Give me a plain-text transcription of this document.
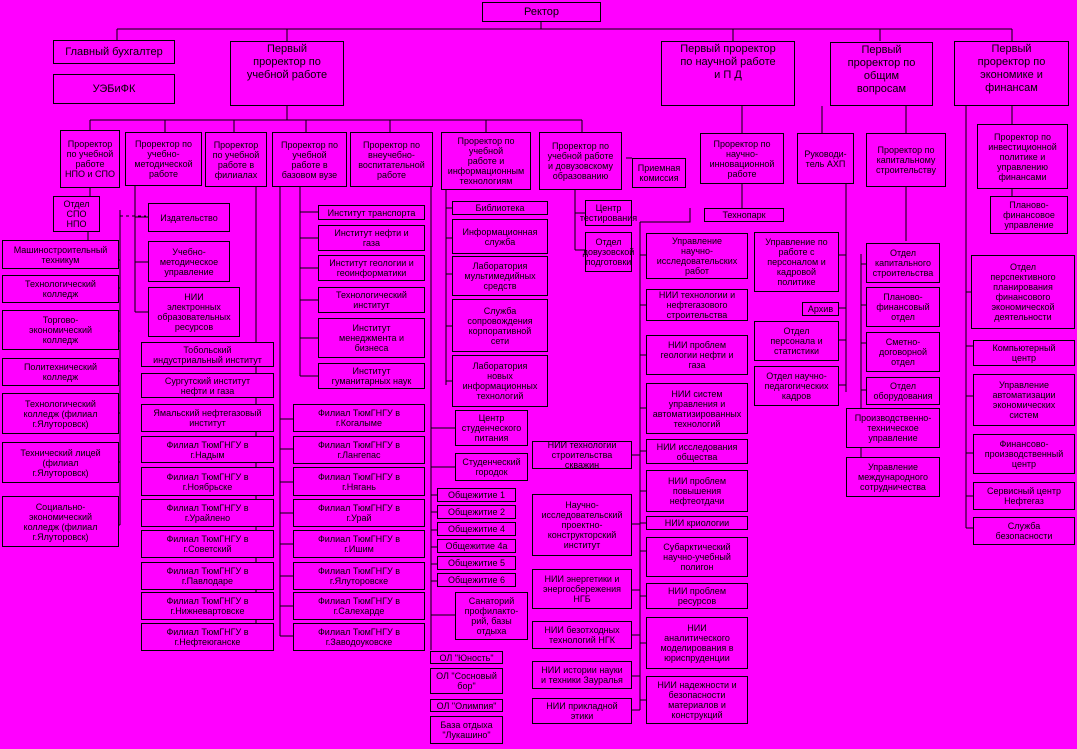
Ректор
Главный бухгалтер
УЭБиФК
Первый
проректор по
учебной работе
Первый проректор
по научной работе
и П Д
Первый
проректор по
общим
вопросам
Первый
проректор по
экономике и
финансам
Проректор
по учебной
работе
НПО и СПО
Проректор по
учебно-
методической
работе
Проректор
по учебной
работе в
филиалах
Проректор по
учебной
работе в
базовом вузе
Проректор по
внеучебно-
воспитательной
работе
Проректор по учебной
работе и
информационным
технологиям
Проректор по
учебной работе
и довузовскому
образованию
Приемная
комиссия
Проректор по
научно-
инновационной
работе
Технопарк
Руководи-
тель АХП
Проректор по
капитальному
строительству
Проректор по
инвестиционной
политике и
управлению
финансами
Отдел
СПО
НПО
Машиностроительный
техникум
Технологический
колледж
Торгово-
экономический
колледж
Политехнический
колледж
Технологический
колледж (филиал
г.Ялуторовск)
Технический лицей
(филиал
г.Ялуторовск)
Социально-
экономический
колледж (филиал
г.Ялуторовск)
Издательство
Учебно-
методическое
управление
НИИ
электронных
образовательных
ресурсов
Тобольский
индустриальный институт
Сургутский институт
нефти и газа
Ямальский нефтегазовый
институт
Филиал ТюмГНГУ в
г.Надым
Филиал ТюмГНГУ в
г.Ноябрьске
Филиал ТюмГНГУ в
г.Урайлено
Филиал ТюмГНГУ в
г.Советский
Филиал ТюмГНГУ в
г.Павлодаре
Филиал ТюмГНГУ в
г.Нижневартовске
Филиал ТюмГНГУ в
г.Нефтеюганске
Филиал ТюмГНГУ в
г.Когалыме
Филиал ТюмГНГУ в
г.Лангепас
Филиал ТюмГНГУ в
г.Нягань
Филиал ТюмГНГУ в
г.Урай
Филиал ТюмГНГУ в
г.Ишим
Филиал ТюмГНГУ в
г.Ялуторовске
Филиал ТюмГНГУ в
г.Салехарде
Филиал ТюмГНГУ в
г.Заводоуковске
Институт транспорта
Институт нефти и
газа
Институт геологии и
геоинформатики
Технологический
институт
Институт
менеджмента и
бизнеса
Институт
гуманитарных наук
Библиотека
Информационная
служба
Лаборатория
мультимедийных
средств
Служба
сопровождения
корпоративной
сети
Лаборатория
новых
информационных
технологий
Центр
студенческого
питания
Студенческий
городок
Общежитие 1
Общежитие 2
Общежитие 4
Общежитие 4а
Общежитие 5
Общежитие 6
Санаторий
профилакто-
рий, базы
отдыха
ОЛ "Юность"
ОЛ "Сосновый
бор"
ОЛ "Олимпия"
База отдыха
"Лукашино"
Центр
тестирования
Отдел
довузовской
подготовки
НИИ технологии
строительства
скважин
Научно-
исследовательский
проектно-
конструкторский
институт
НИИ энергетики и
энергосбережения
НГБ
НИИ безотходных
технологий НГК
НИИ истории науки
и техники Зауралья
НИИ прикладной
этики
Управление
научно-
исследовательских
работ
НИИ технологии и
нефтегазового
строительства
НИИ проблем
геологии нефти и
газа
НИИ систем
управления и
автоматизированных
технологий
НИИ исследования
общества
НИИ проблем
повышения
нефтеотдачи
НИИ криологии
Субарктический
научно-учебный
полигон
НИИ проблем
ресурсов
НИИ
аналитического
моделирования в
юриспруденции
НИИ надежности и
безопасности
материалов и
конструкций
Управление по
работе с
персоналом и
кадровой
политике
Архив
Отдел
персонала и
статистики
Отдел научно-
педагогических
кадров
Отдел
капитального
строительства
Планово-
финансовый
отдел
Сметно-
договорной
отдел
Отдел
оборудования
Производственно-
техническое
управление
Управление
международного
сотрудничества
Планово-
финансовое
управление
Отдел
перспективного
планирования
финансового
экономической
деятельности
Компьютерный
центр
Управление
автоматизации
экономических
систем
Финансово-
производственный
центр
Сервисный центр
Нефтегаз
Служба
безопасности
